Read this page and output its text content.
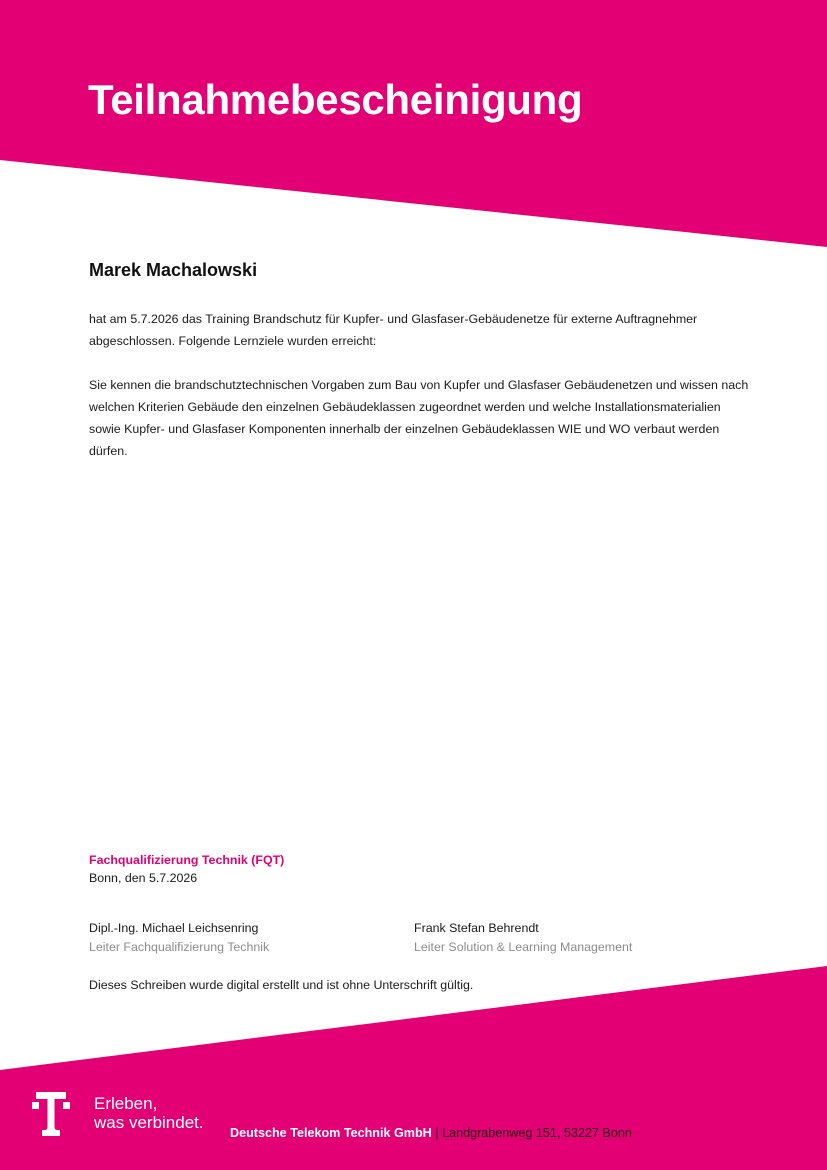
Teilnahmebescheinigung
Marek Machalowski

hat am 5.7.2026 das Training Brandschutz für Kupfer- und Glasfaser-Gebäudenetze für externe Auftragnehmer abgeschlossen. Folgende Lernziele wurden erreicht:

Sie kennen die brandschutztechnischen Vorgaben zum Bau von Kupfer und Glasfaser Gebäudenetzen und wissen nach welchen Kriterien Gebäude den einzelnen Gebäudeklassen zugeordnet werden und welche Installationsmaterialien sowie Kupfer- und Glasfaser Komponenten innerhalb der einzelnen Gebäudeklassen WIE und WO verbaut werden dürfen.

Fachqualifizierung Technik (FQT)
Bonn, den 5.7.2026
Dipl.-Ing. Michael Leichsenring
Leiter Fachqualifizierung Technik
Frank Stefan Behrendt
Leiter Solution & Learning Management
Dieses Schreiben wurde digital erstellt und ist ohne Unterschrift gültig.
Erleben,
was verbindet.
Deutsche Telekom Technik GmbH | Landgrabenweg 151, 53227 Bonn
